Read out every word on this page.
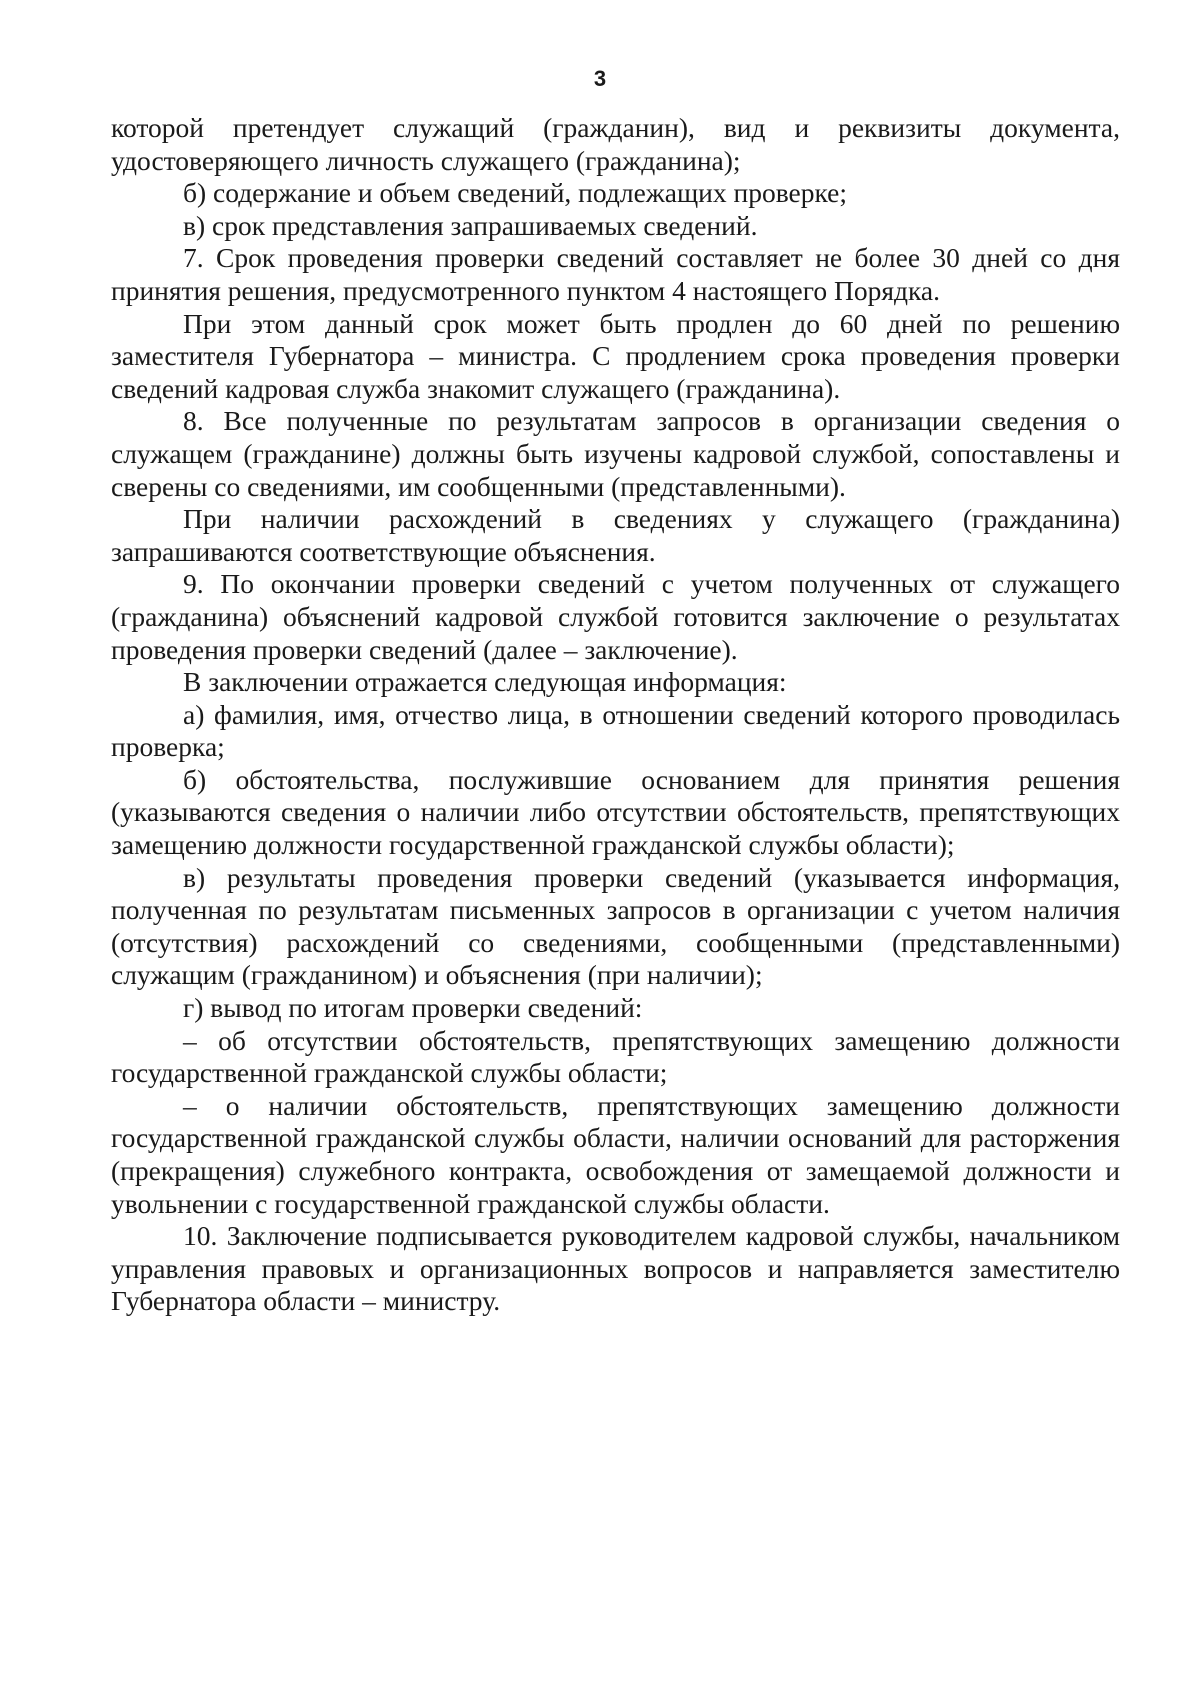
3

которой претендует служащий (гражданин), вид и реквизиты документа, удостоверяющего личность служащего (гражданина);

б) содержание и объем сведений, подлежащих проверке;

в) срок представления запрашиваемых сведений.

7. Срок проведения проверки сведений составляет не более 30 дней со дня принятия решения, предусмотренного пунктом 4 настоящего Порядка.

При этом данный срок может быть продлен до 60 дней по решению заместителя Губернатора – министра. С продлением срока проведения проверки сведений кадровая служба знакомит служащего (гражданина).

8. Все полученные по результатам запросов в организации сведения о служащем (гражданине) должны быть изучены кадровой службой, сопоставлены и сверены со сведениями, им сообщенными (представленными).

При наличии расхождений в сведениях у служащего (гражданина) запрашиваются соответствующие объяснения.

9. По окончании проверки сведений с учетом полученных от служащего (гражданина) объяснений кадровой службой готовится заключение о результатах проведения проверки сведений (далее – заключение).

В заключении отражается следующая информация:

а) фамилия, имя, отчество лица, в отношении сведений которого проводилась проверка;

б) обстоятельства, послужившие основанием для принятия решения (указываются сведения о наличии либо отсутствии обстоятельств, препятствующих замещению должности государственной гражданской службы области);

в) результаты проведения проверки сведений (указывается информация, полученная по результатам письменных запросов в организации с учетом наличия (отсутствия) расхождений со сведениями, сообщенными (представленными) служащим (гражданином) и объяснения (при наличии);

г) вывод по итогам проверки сведений:

– об отсутствии обстоятельств, препятствующих замещению должности государственной гражданской службы области;

– о наличии обстоятельств, препятствующих замещению должности государственной гражданской службы области, наличии оснований для расторжения (прекращения) служебного контракта, освобождения от замещаемой должности и увольнении с государственной гражданской службы области.

10. Заключение подписывается руководителем кадровой службы, начальником управления правовых и организационных вопросов и направляется заместителю Губернатора области – министру.
